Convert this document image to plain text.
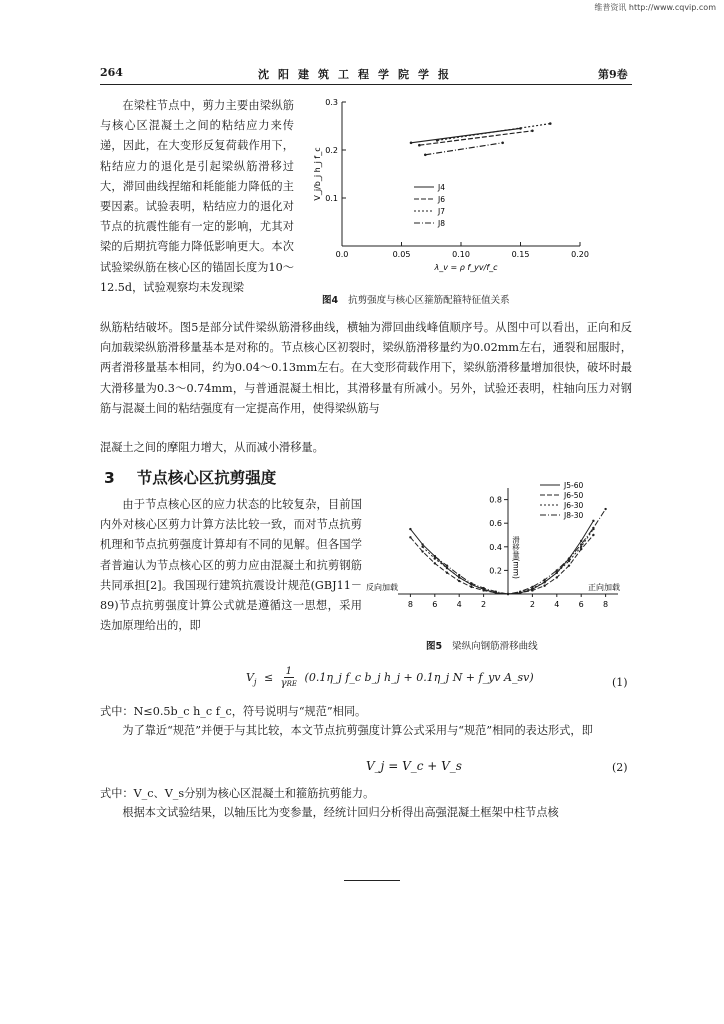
维普资讯 http://www.cqvip.com
264	沈阳建筑工程学院学报	第9卷

在梁柱节点中，剪力主要由梁纵筋与核心区混凝土之间的粘结应力来传递，因此，在大变形反复荷载作用下，粘结应力的退化是引起梁纵筋滑移过大，滞回曲线捏缩和耗能能力降低的主要因素。试验表明，粘结应力的退化对节点的抗震性能有一定的影响，尤其对梁的后期抗弯能力降低影响更大。本次试验梁纵筋在核心区的锚固长度为10～12.5d，试验观察均未发现梁

0.3
0.2
0.1
0.0	0.05	0.10	0.15	0.20
V_j/b_j h_j f_c
λ_v = ρ f_yv/f_c
J4
J6
J7
J8
图4 抗剪强度与核心区箍筋配箍特征值关系

纵筋粘结破坏。图5是部分试件梁纵筋滑移曲线，横轴为滞回曲线峰值顺序号。从图中可以看出，正向和反向加载梁纵筋滑移量基本是对称的。节点核心区初裂时，梁纵筋滑移量约为0.02mm左右，通裂和屈服时，两者滑移量基本相同，约为0.04～0.13mm左右。在大变形荷载作用下，梁纵筋滑移量增加很快，破坏时最大滑移量为0.3～0.74mm，与普通混凝土相比，其滑移量有所减小。另外，试验还表明，柱轴向压力对钢筋与混凝土间的粘结强度有一定提高作用，使得梁纵筋与

混凝土之间的摩阻力增大，从而减小滑移量。

3 节点核心区抗剪强度

由于节点核心区的应力状态的比较复杂，目前国内外对核心区剪力计算方法比较一致，而对节点抗剪机理和节点抗剪强度计算却有不同的见解。但各国学者普遍认为节点核心区的剪力应由混凝土和抗剪钢筋共同承担[2]。我国现行建筑抗震设计规范(GBJ11－89)节点抗剪强度计算公式就是遵循这一思想，采用迭加原理给出的，即

0.8
0.6
0.4
0.2
8 6 4 2	2 4 6 8
滑移量(mm)
反向加载	正向加载
J5-60
J6-50
J6-30
J8-30
图5 梁纵向钢筋滑移曲线
$V_j \le 1$
γRE (0.1η_j f_c b_j h_j + 0.1η_j N + f_yv A_sv)	(1)
式中：N≤0.5b_c h_c f_c，符号说明与“规范”相同。

为了靠近“规范”并便于与其比较，本文节点抗剪强度计算公式采用与“规范”相同的表达形式，即

V_j = V_c + V_s	(2)

式中：V_c、V_s分别为核心区混凝土和箍筋抗剪能力。

根据本文试验结果，以轴压比为变参量，经统计回归分析得出高强混凝土框架中柱节点核
